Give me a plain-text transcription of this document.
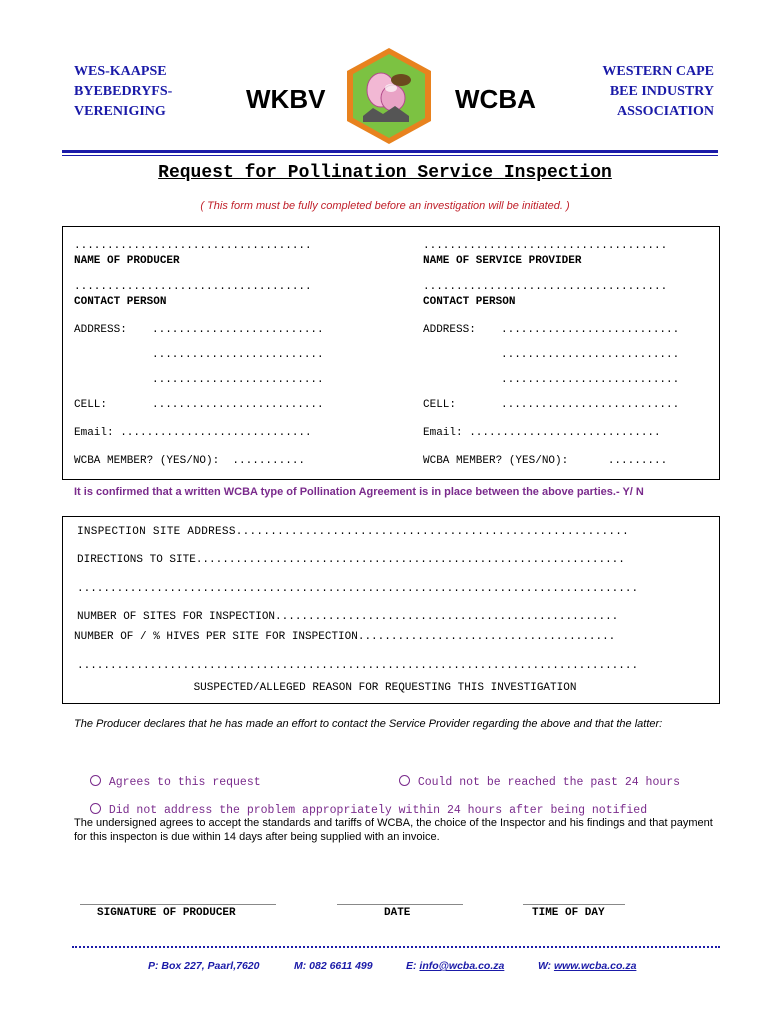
WES-KAAPSE
BYEBEDRYFS-
VERENIGING	WKBV	WCBA
WESTERN CAPE
BEE INDUSTRY
ASSOCIATION
Request for Pollination Service Inspection
( This form must be fully completed before an investigation will be initiated. )
....................................
NAME OF PRODUCER
....................................
CONTACT PERSON
ADDRESS: ..........................
..........................
..........................
CELL:	..........................
Email: .............................
WCBA MEMBER? (YES/NO):  ...........
.....................................
NAME OF SERVICE PROVIDER
.....................................
CONTACT PERSON
ADDRESS: ...........................
...........................
...........................
CELL:	...........................
Email: .............................
WCBA MEMBER? (YES/NO):      .........
It is confirmed that a written WCBA type of Pollination Agreement is in place between the above parties.- Y/ N
INSPECTION SITE ADDRESS.........................................................
DIRECTIONS TO SITE.................................................................
.....................................................................................
NUMBER OF SITES FOR INSPECTION....................................................
NUMBER OF / % HIVES PER SITE FOR INSPECTION.......................................
.....................................................................................
SUSPECTED/ALLEGED REASON FOR REQUESTING THIS INVESTIGATION
The Producer declares that he has made an effort to contact the Service Provider regarding the above and that the latter:

Agrees to this request	Could not be reached the past 24 hours

Did not address the problem appropriately within 24 hours after being notified

The undersigned agrees to accept the standards and tariffs of WCBA, the choice of the Inspector and his findings and that payment for this inspecton is due within 14 days after being supplied with an invoice.
SIGNATURE OF PRODUCER	DATE	TIME OF DAY
P: Box 227, Paarl,7620	M: 082 6611 499	E: info@wcba.co.za	W: www.wcba.co.za
